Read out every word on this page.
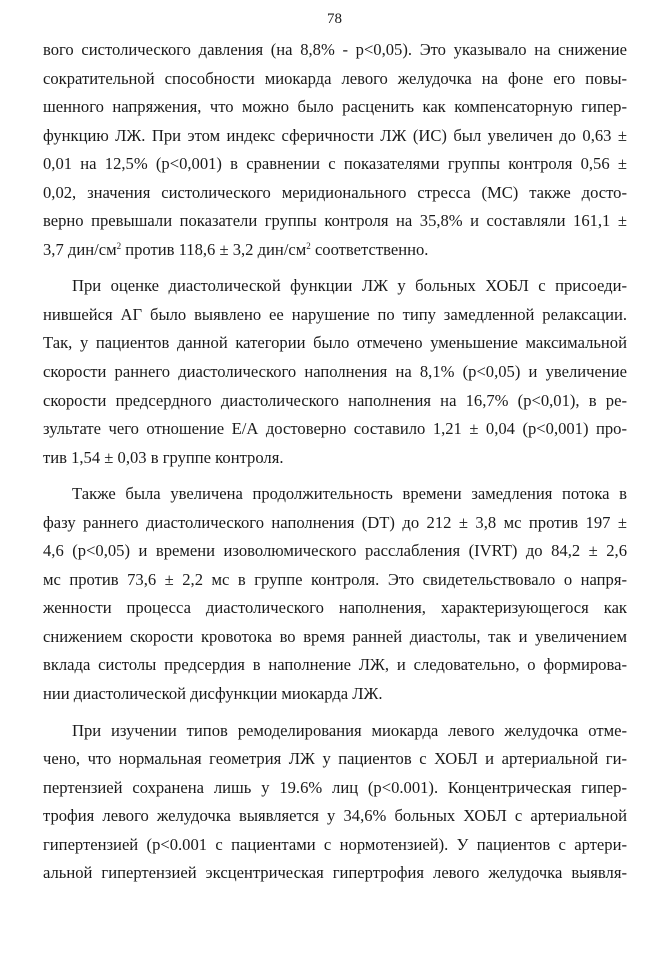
78
вого систолического давления (на 8,8% - р<0,05). Это указывало на снижение
сократительной способности миокарда левого желудочка на фоне его повы-
шенного напряжения, что можно было расценить как компенсаторную гипер-
функцию ЛЖ. При этом индекс сферичности ЛЖ (ИС) был увеличен до 0,63 ±
0,01 на 12,5% (р<0,001) в сравнении с показателями группы контроля 0,56 ±
0,02, значения систолического меридионального стресса (МС) также досто-
верно превышали показатели группы контроля на 35,8% и составляли 161,1 ±
3,7 дин/$см^2$ против 118,6 ± 3,2 дин/$см^2$ соответственно.
При оценке диастолической функции ЛЖ у больных ХОБЛ с присоеди-
нившейся АГ было выявлено ее нарушение по типу замедленной релаксации.
Так, у пациентов данной категории было отмечено уменьшение максимальной
скорости раннего диастолического наполнения на 8,1% (р<0,05) и увеличение
скорости предсердного диастолического наполнения на 16,7% (р<0,01), в ре-
зультате чего отношение Е/А достоверно составило 1,21 ± 0,04 (р<0,001) про-
тив 1,54 ± 0,03 в группе контроля.
Также была увеличена продолжительность времени замедления потока в
фазу раннего диастолического наполнения (DT) до 212 ± 3,8 мс против 197 ±
4,6 (р<0,05) и времени изоволюмического расслабления (IVRT) до 84,2 ± 2,6
мс против 73,6 ± 2,2 мс в группе контроля. Это свидетельствовало о напря-
женности процесса диастолического наполнения, характеризующегося как
снижением скорости кровотока во время ранней диастолы, так и увеличением
вклада систолы предсердия в наполнение ЛЖ, и следовательно, о формирова-
нии диастолической дисфункции миокарда ЛЖ.
При изучении типов ремоделирования миокарда левого желудочка отме-
чено, что нормальная геометрия ЛЖ у пациентов с ХОБЛ и артериальной ги-
пертензией сохранена лишь у 19.6% лиц (р<0.001). Концентрическая гипер-
трофия левого желудочка выявляется у 34,6% больных ХОБЛ с артериальной
гипертензией (р<0.001 с пациентами с нормотензией). У пациентов с артери-
альной гипертензией эксцентрическая гипертрофия левого желудочка выявля-
